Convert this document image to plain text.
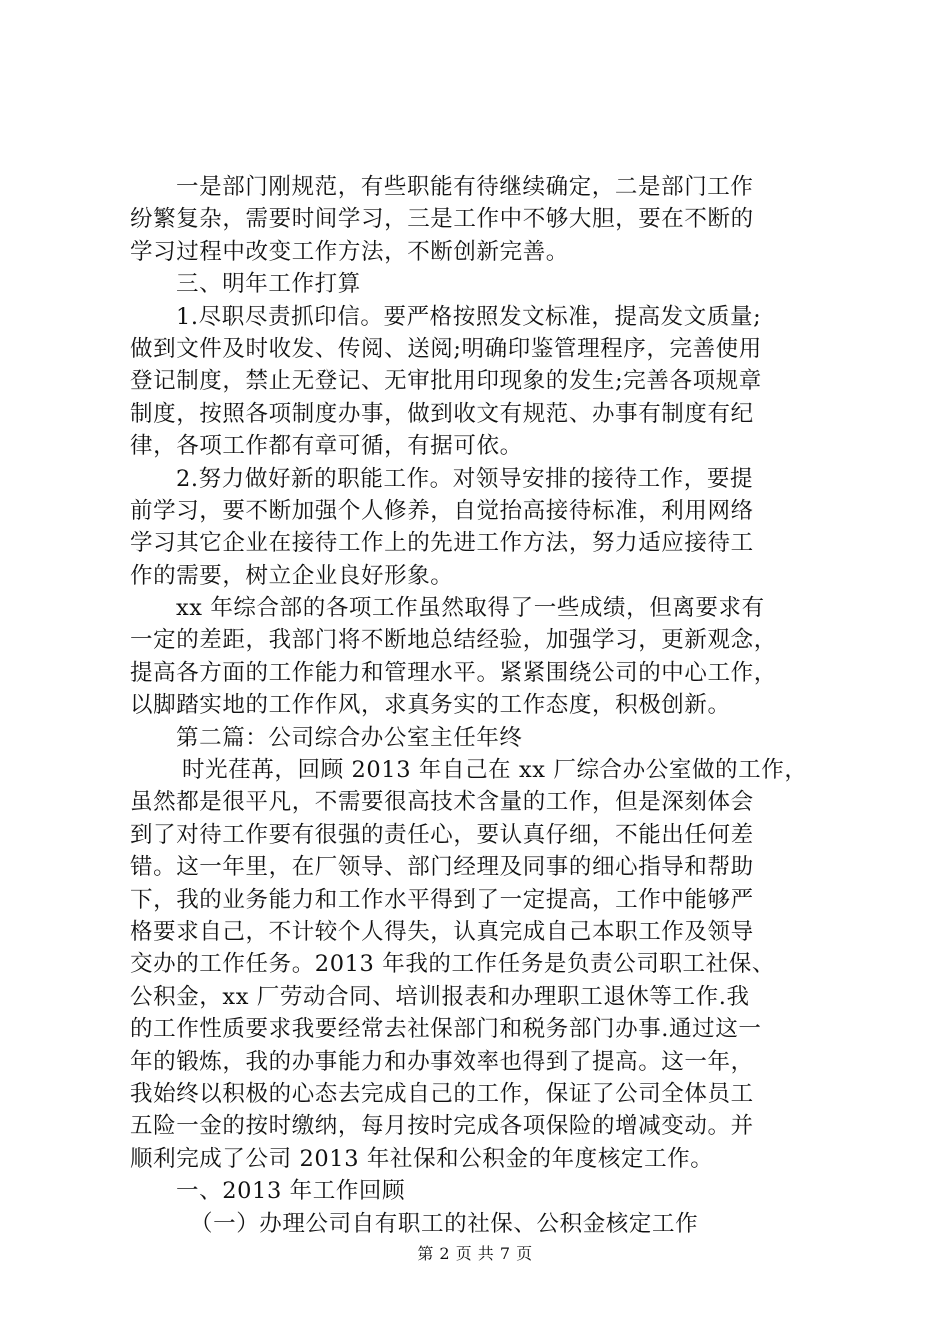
一是部门刚规范，有些职能有待继续确定，二是部门工作
纷繁复杂，需要时间学习，三是工作中不够大胆，要在不断的
学习过程中改变工作方法，不断创新完善。
三、明年工作打算
1.尽职尽责抓印信。要严格按照发文标准，提高发文质量;
做到文件及时收发、传阅、送阅;明确印鉴管理程序，完善使用
登记制度，禁止无登记、无审批用印现象的发生;完善各项规章
制度，按照各项制度办事，做到收文有规范、办事有制度有纪
律，各项工作都有章可循，有据可依。
2.努力做好新的职能工作。对领导安排的接待工作，要提
前学习，要不断加强个人修养，自觉抬高接待标准，利用网络
学习其它企业在接待工作上的先进工作方法，努力适应接待工
作的需要，树立企业良好形象。
xx 年综合部的各项工作虽然取得了一些成绩，但离要求有
一定的差距，我部门将不断地总结经验，加强学习，更新观念，
提高各方面的工作能力和管理水平。紧紧围绕公司的中心工作，
以脚踏实地的工作作风，求真务实的工作态度，积极创新。
第二篇：公司综合办公室主任年终
时光荏苒，回顾 2013 年自己在 xx 厂综合办公室做的工作，
虽然都是很平凡，不需要很高技术含量的工作，但是深刻体会
到了对待工作要有很强的责任心，要认真仔细，不能出任何差
错。这一年里，在厂领导、部门经理及同事的细心指导和帮助
下，我的业务能力和工作水平得到了一定提高，工作中能够严
格要求自己，不计较个人得失，认真完成自己本职工作及领导
交办的工作任务。2013 年我的工作任务是负责公司职工社保、
公积金，xx 厂劳动合同、培训报表和办理职工退休等工作.我
的工作性质要求我要经常去社保部门和税务部门办事.通过这一
年的锻炼，我的办事能力和办事效率也得到了提高。这一年，
我始终以积极的心态去完成自己的工作，保证了公司全体员工
五险一金的按时缴纳，每月按时完成各项保险的增减变动。并
顺利完成了公司 2013 年社保和公积金的年度核定工作。
一、2013 年工作回顾
（一）办理公司自有职工的社保、公积金核定工作
第 2 页 共 7 页
